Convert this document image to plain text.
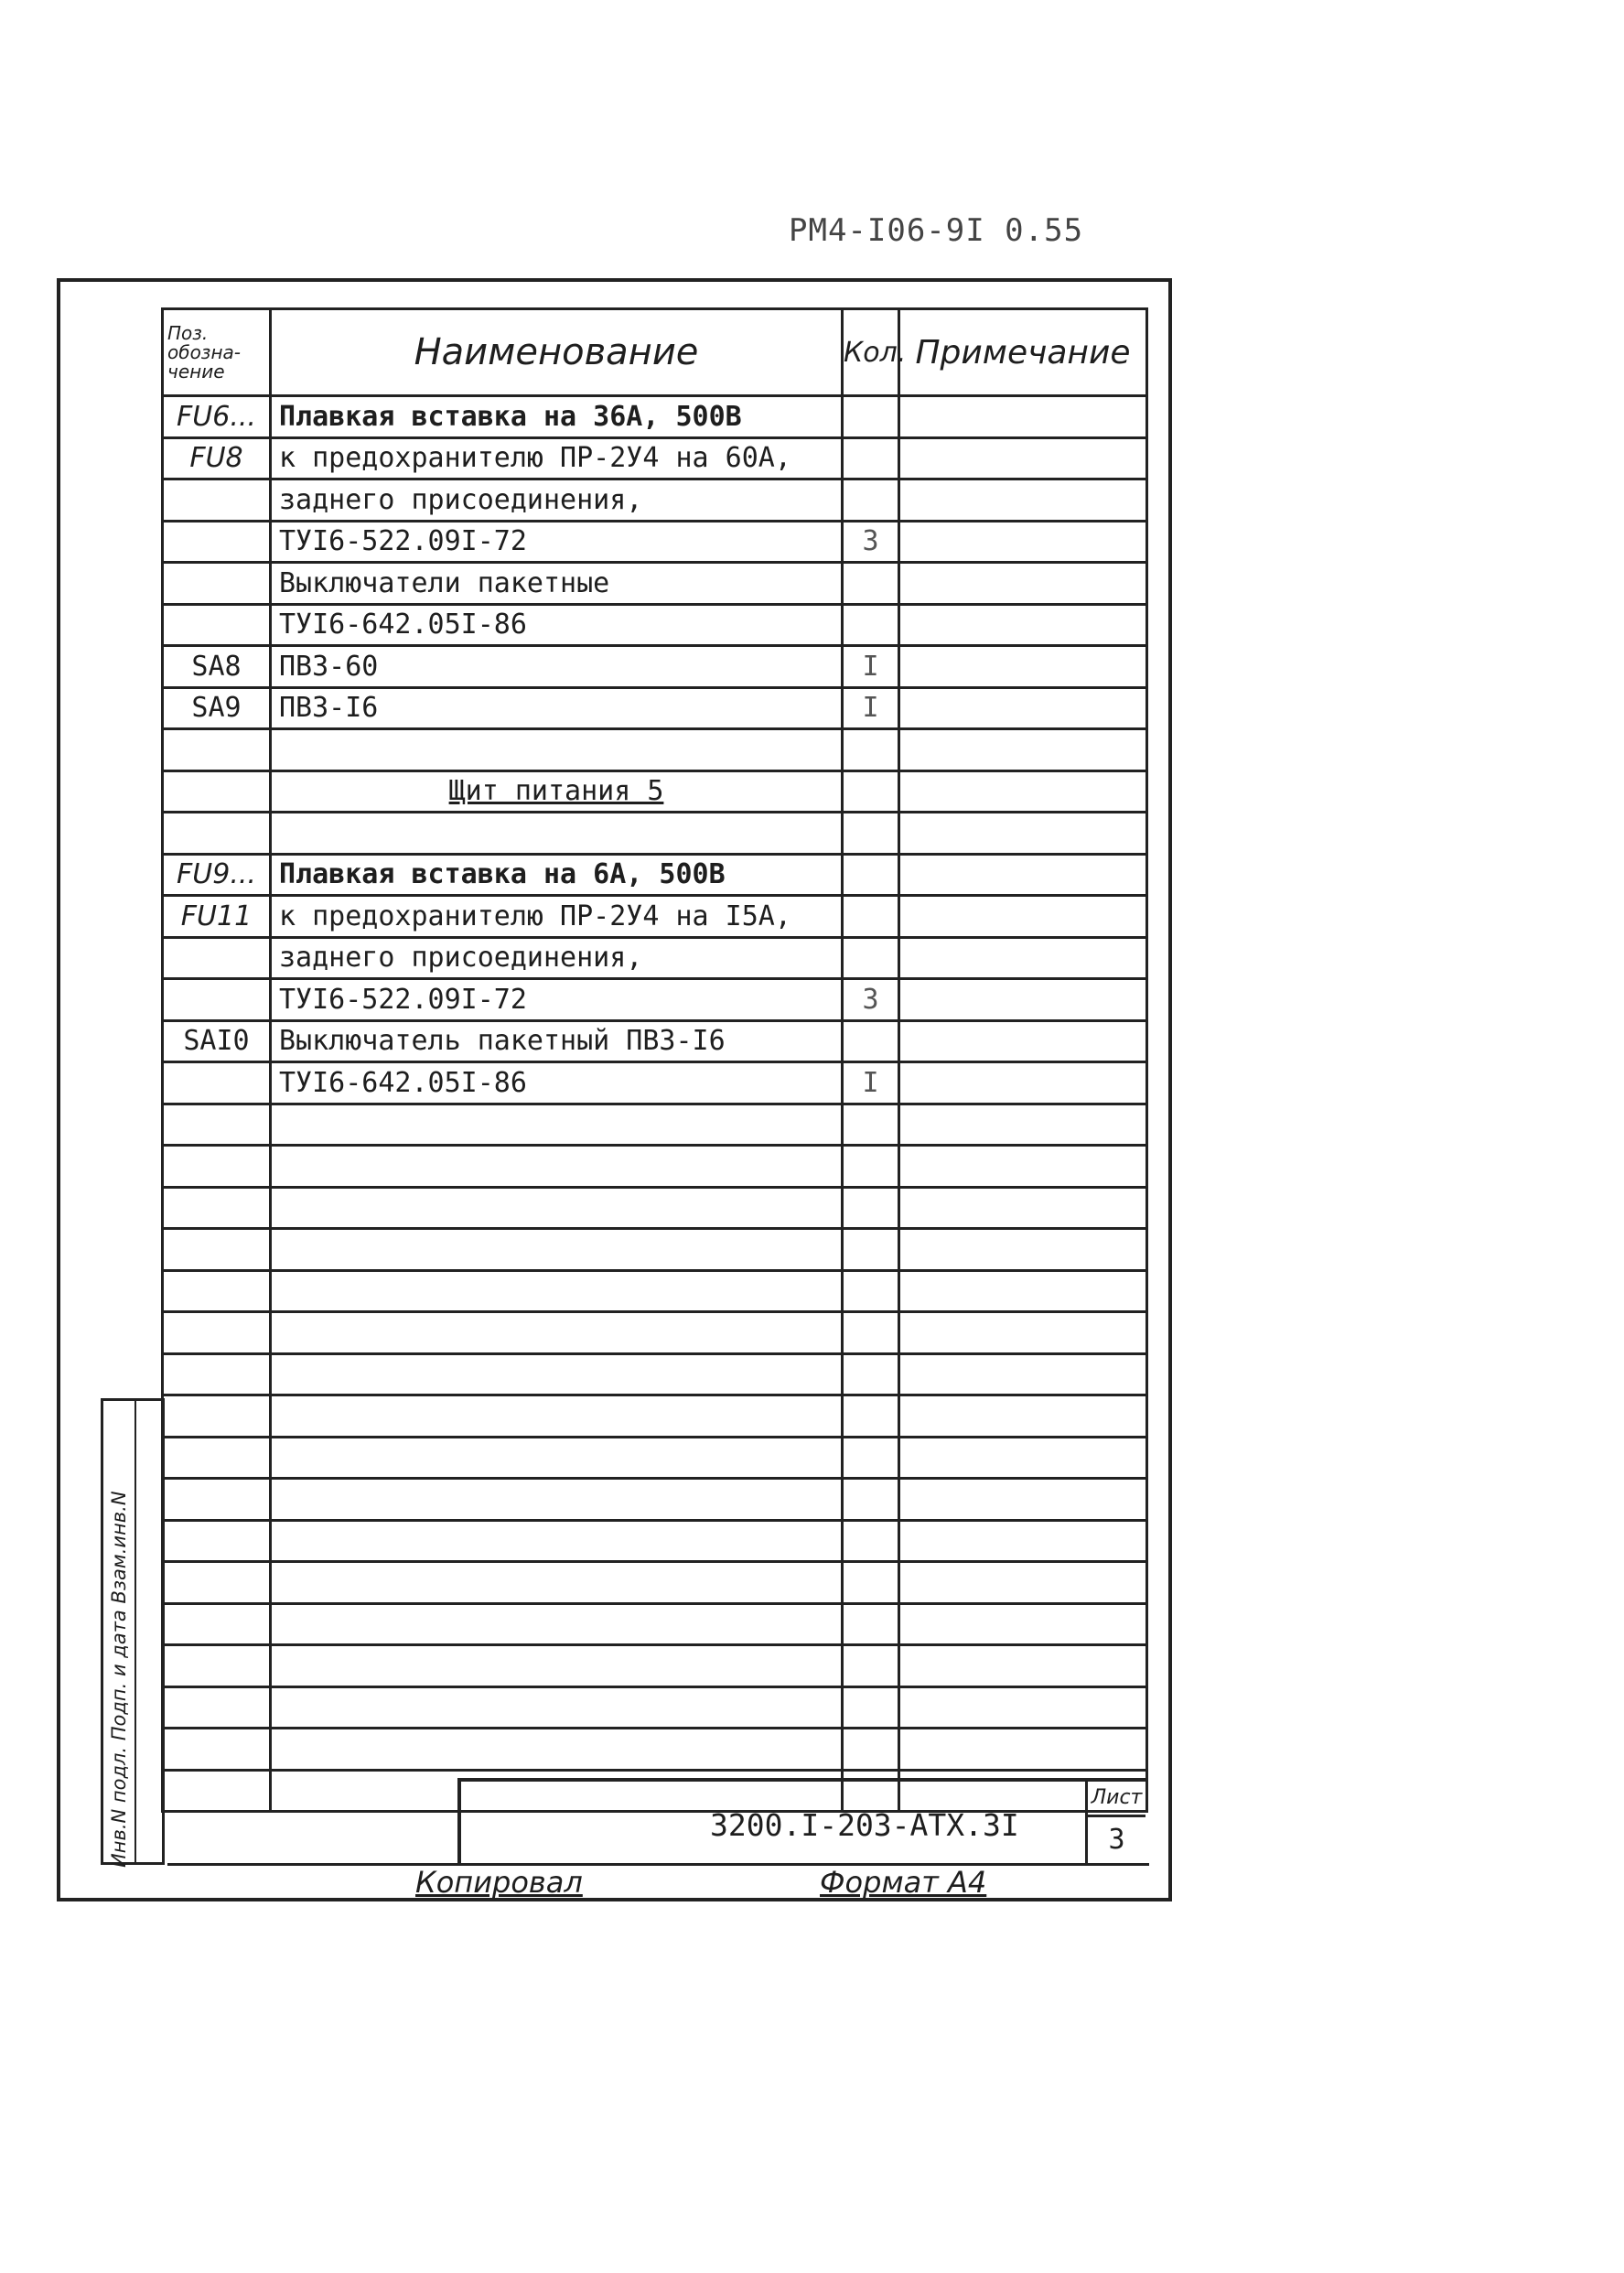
РМ4-I06-9I 0.55
Поз. обозна- чение	Наименование	Кол.	Примечание
FU6...	Плавкая вставка на 36А, 500В		
FU8	к предохранителю ПР-2У4 на 60А,		
	заднего присоединения,		
	ТУI6-522.09I-72	3	
	Выключатели пакетные		
	ТУI6-642.05I-86		
SA8	ПВЗ-60	I	
SA9	ПВЗ-I6	I	

	Щит питания 5		

FU9...	Плавкая вставка на 6А, 500В		
FU11	к предохранителю ПР-2У4 на I5А,		
	заднего присоединения,		
	ТУI6-522.09I-72	3	
SAI0	Выключатель пакетный ПВЗ-I6		
	ТУI6-642.05I-86	I	

Инв.N подл. Подп. и дата Взам.инв.N	3200.I-203-АТХ.3I
Лист
3
Копировал	Формат А4
